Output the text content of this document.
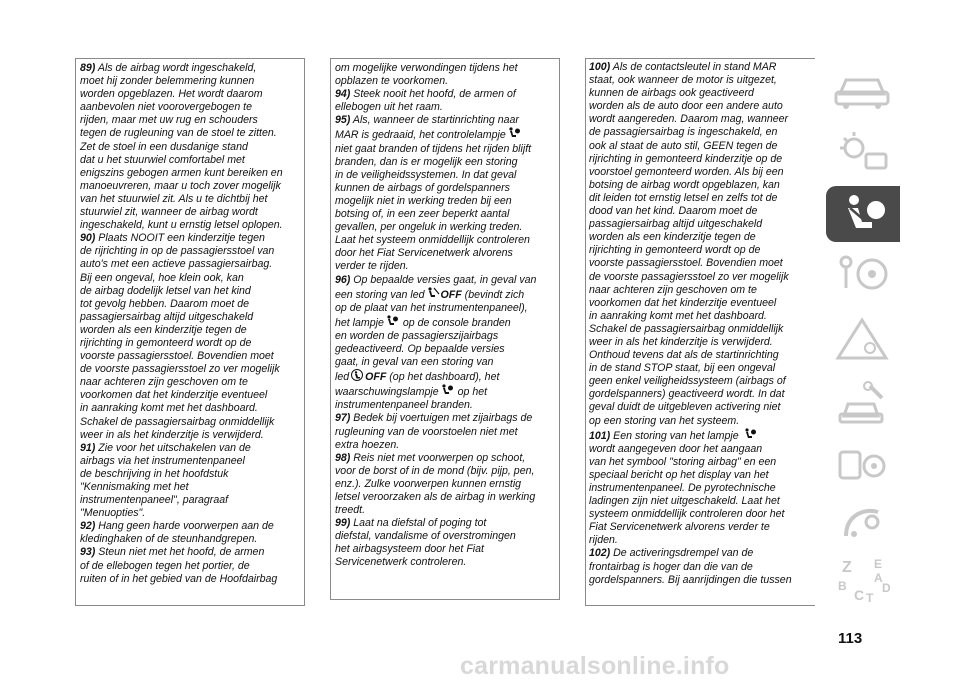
89) Als de airbag wordt ingeschakeld,
moet hij zonder belemmering kunnen
worden opgeblazen. Het wordt daarom
aanbevolen niet voorovergebogen te
rijden, maar met uw rug en schouders
tegen de rugleuning van de stoel te zitten.
Zet de stoel in een dusdanige stand
dat u het stuurwiel comfortabel met
enigszins gebogen armen kunt bereiken en
manoeuvreren, maar u toch zover mogelijk
van het stuurwiel zit. Als u te dichtbij het
stuurwiel zit, wanneer de airbag wordt
ingeschakeld, kunt u ernstig letsel oplopen.

90) Plaats NOOIT een kinderzitje tegen
de rijrichting in op de passagiersstoel van
auto's met een actieve passagiersairbag.
Bij een ongeval, hoe klein ook, kan
de airbag dodelijk letsel van het kind
tot gevolg hebben. Daarom moet de
passagiersairbag altijd uitgeschakeld
worden als een kinderzitje tegen de
rijrichting in gemonteerd wordt op de
voorste passagiersstoel. Bovendien moet
de voorste passagiersstoel zo ver mogelijk
naar achteren zijn geschoven om te
voorkomen dat het kinderzitje eventueel
in aanraking komt met het dashboard.
Schakel de passagiersairbag onmiddellijk
weer in als het kinderzitje is verwijderd.

91) Zie voor het uitschakelen van de
airbags via het instrumentenpaneel
de beschrijving in het hoofdstuk
"Kennismaking met het
instrumentenpaneel", paragraaf
"Menuopties".

92) Hang geen harde voorwerpen aan de
kledinghaken of de steunhandgrepen.

93) Steun niet met het hoofd, de armen
of de ellebogen tegen het portier, de
ruiten of in het gebied van de Hoofdairbag

om mogelijke verwondingen tijdens het
opblazen te voorkomen.

94) Steek nooit het hoofd, de armen of
ellebogen uit het raam.

95) Als, wanneer de startinrichting naar
MAR is gedraaid, het controlelampje
niet gaat branden of tijdens het rijden blijft
branden, dan is er mogelijk een storing
in de veiligheidssystemen. In dat geval
kunnen de airbags of gordelspanners
mogelijk niet in werking treden bij een
botsing of, in een zeer beperkt aantal
gevallen, per ongeluk in werking treden.
Laat het systeem onmiddellijk controleren
door het Fiat Servicenetwerk alvorens
verder te rijden.

96) Op bepaalde versies gaat, in geval van
een storing van led OFF (bevindt zich
op de plaat van het instrumentenpaneel),
het lampje op de console branden
en worden de passagierszijairbags
gedeactiveerd. Op bepaalde versies
gaat, in geval van een storing van
led OFF (op het dashboard), het
waarschuwingslampje op het
instrumentenpaneel branden.

97) Bedek bij voertuigen met zijairbags de
rugleuning van de voorstoelen niet met
extra hoezen.

98) Reis niet met voorwerpen op schoot,
voor de borst of in de mond (bijv. pijp, pen,
enz.). Zulke voorwerpen kunnen ernstig
letsel veroorzaken als de airbag in werking
treedt.

99) Laat na diefstal of poging tot
diefstal, vandalisme of overstromingen
het airbagsysteem door het Fiat
Servicenetwerk controleren.

100) Als de contactsleutel in stand MAR
staat, ook wanneer de motor is uitgezet,
kunnen de airbags ook geactiveerd
worden als de auto door een andere auto
wordt aangereden. Daarom mag, wanneer
de passagiersairbag is ingeschakeld, en
ook al staat de auto stil, GEEN tegen de
rijrichting in gemonteerd kinderzitje op de
voorstoel gemonteerd worden. Als bij een
botsing de airbag wordt opgeblazen, kan
dit leiden tot ernstig letsel en zelfs tot de
dood van het kind. Daarom moet de
passagiersairbag altijd uitgeschakeld
worden als een kinderzitje tegen de
rijrichting in gemonteerd wordt op de
voorste passagiersstoel. Bovendien moet
de voorste passagiersstoel zo ver mogelijk
naar achteren zijn geschoven om te
voorkomen dat het kinderzitje eventueel
in aanraking komt met het dashboard.
Schakel de passagiersairbag onmiddellijk
weer in als het kinderzitje is verwijderd.
Onthoud tevens dat als de startinrichting
in de stand STOP staat, bij een ongeval
geen enkel veiligheidssysteem (airbags of
gordelspanners) geactiveerd wordt. In dat
geval duidt de uitgebleven activering niet
op een storing van het systeem.

101) Een storing van het lampje
wordt aangegeven door het aangaan
van het symbool "storing airbag" en een
speciaal bericht op het display van het
instrumentenpaneel. De pyrotechnische
ladingen zijn niet uitgeschakeld. Laat het
systeem onmiddellijk controleren door het
Fiat Servicenetwerk alvorens verder te
rijden.

102) De activeringsdrempel van de
frontairbag is hoger dan die van de
gordelspanners. Bij aanrijdingen die tussen

Z E
B
C T
D
A
113
carmanualsonline.info
